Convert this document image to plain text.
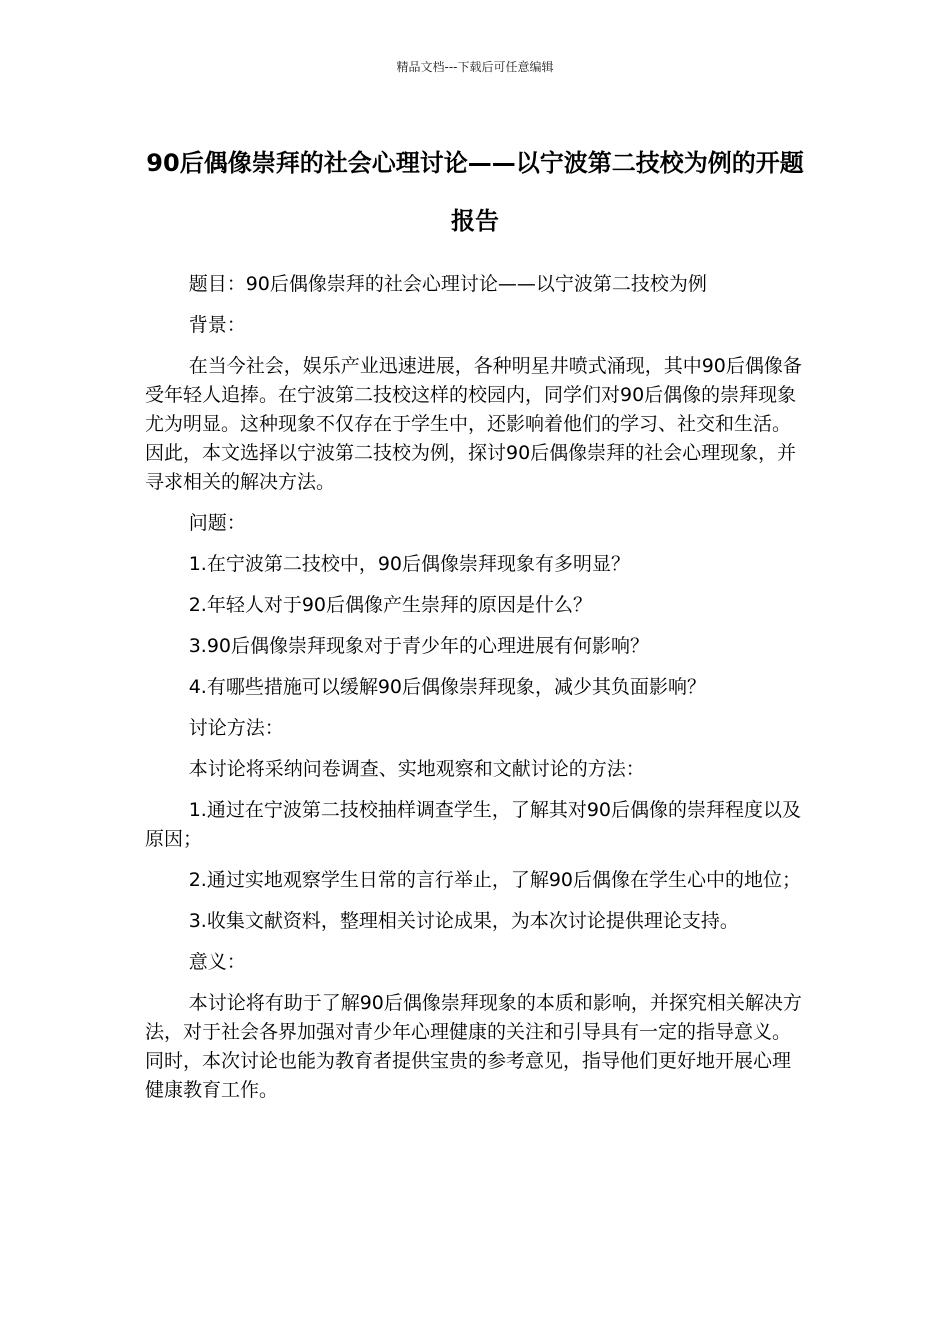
精品文档---下载后可任意编辑
90后偶像崇拜的社会心理讨论——以宁波第二技校为例的开题报告

题目：90后偶像崇拜的社会心理讨论——以宁波第二技校为例

背景：

在当今社会，娱乐产业迅速进展，各种明星井喷式涌现，其中90后偶像备受年轻人追捧。在宁波第二技校这样的校园内，同学们对90后偶像的崇拜现象尤为明显。这种现象不仅存在于学生中，还影响着他们的学习、社交和生活。因此，本文选择以宁波第二技校为例，探讨90后偶像崇拜的社会心理现象，并寻求相关的解决方法。

问题：

1.在宁波第二技校中，90后偶像崇拜现象有多明显？

2.年轻人对于90后偶像产生崇拜的原因是什么？

3.90后偶像崇拜现象对于青少年的心理进展有何影响？

4.有哪些措施可以缓解90后偶像崇拜现象，减少其负面影响？

讨论方法：

本讨论将采纳问卷调查、实地观察和文献讨论的方法：

1.通过在宁波第二技校抽样调查学生，了解其对90后偶像的崇拜程度以及原因；

2.通过实地观察学生日常的言行举止，了解90后偶像在学生心中的地位；

3.收集文献资料，整理相关讨论成果，为本次讨论提供理论支持。

意义：

本讨论将有助于了解90后偶像崇拜现象的本质和影响，并探究相关解决方法，对于社会各界加强对青少年心理健康的关注和引导具有一定的指导意义。同时，本次讨论也能为教育者提供宝贵的参考意见，指导他们更好地开展心理健康教育工作。
